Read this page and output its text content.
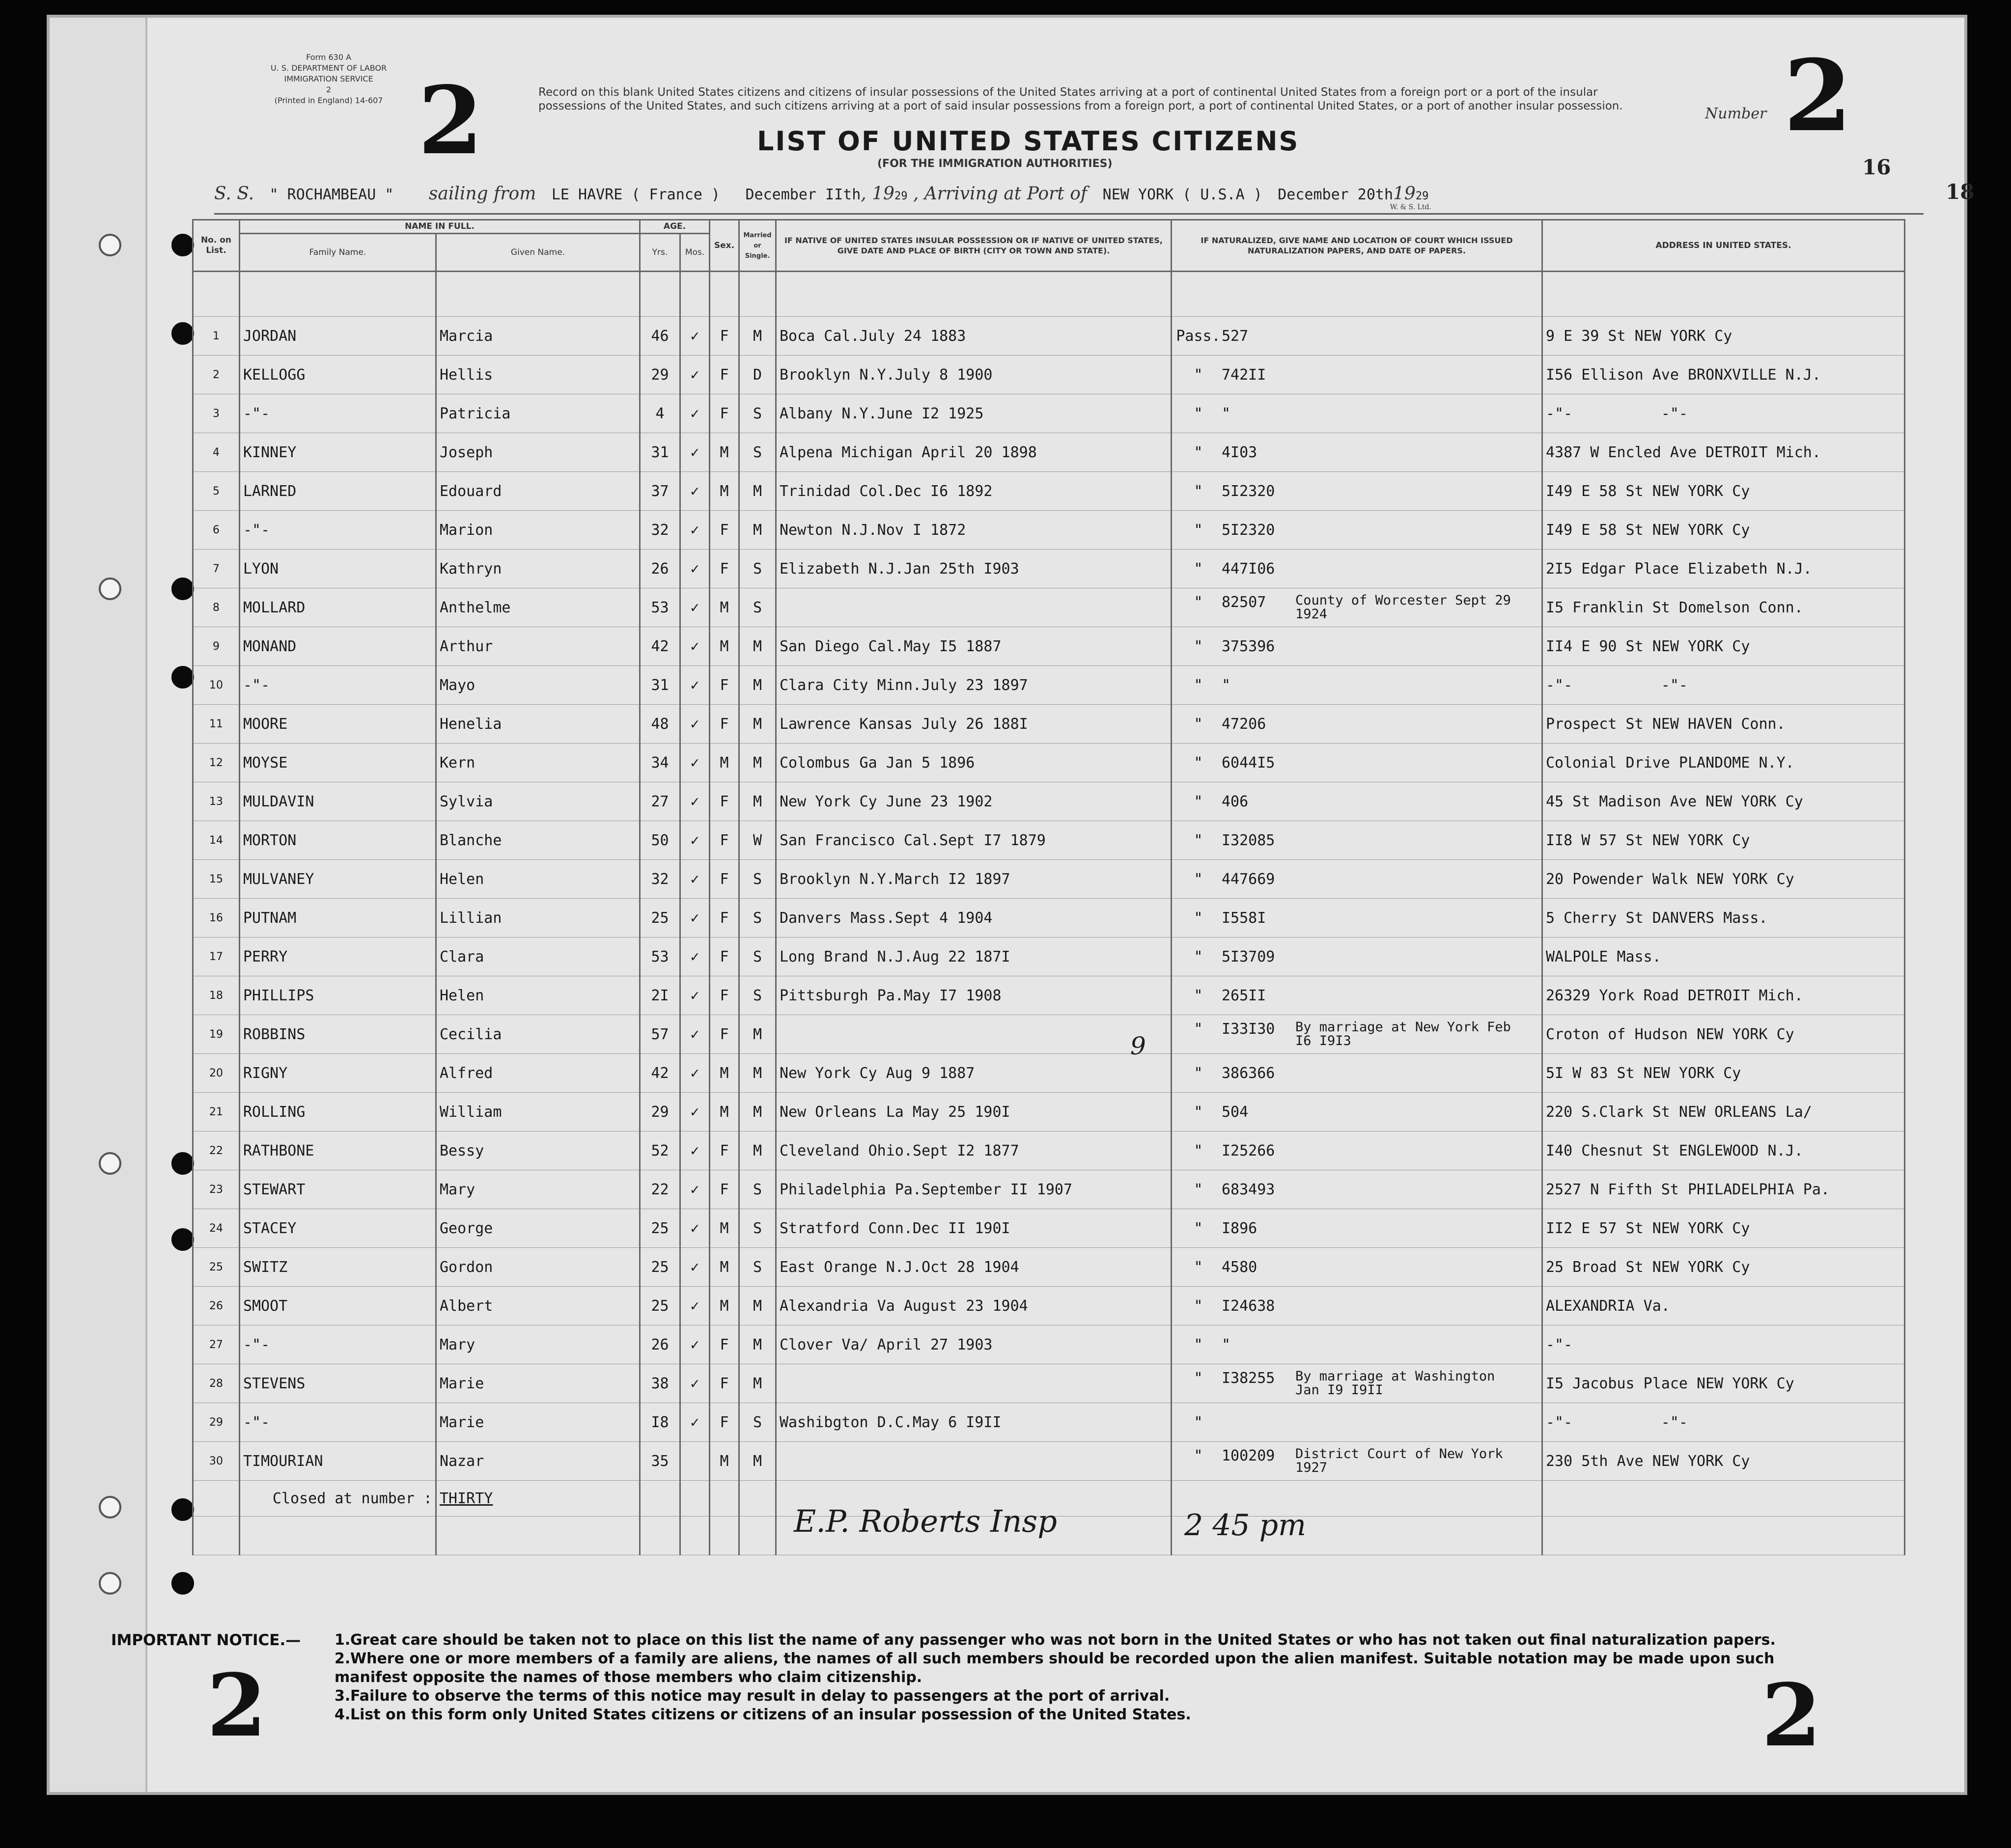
Form 630 A
U. S. DEPARTMENT OF LABOR
IMMIGRATION SERVICE
2
(Printed in England) 14-607 2	Record on this blank United States citizens and citizens of insular possessions of the United States arriving at a port of continental United States from a foreign port or a port of the insular possessions of the United States, and such citizens arriving at a port of said insular possessions from a foreign port, a port of continental United States, or a port of another insular possession.
LIST OF UNITED STATES CITIZENS
(FOR THE IMMIGRATION AUTHORITIES)
Number 2
16
18
S. S. " ROCHAMBEAU " sailing from LE HAVRE ( France ) December IIth, 1929 , Arriving at Port of NEW YORK ( U.S.A ) December 20th1929 $_{W. \& S. Ltd.}$
No. on List.	NAME IN FULL.		AGE.		Sex.	Married or Single.	IF NATIVE OF UNITED STATES INSULAR POSSESSION OR IF NATIVE OF UNITED STATES, GIVE DATE AND PLACE OF BIRTH (CITY OR TOWN AND STATE).	IF NATURALIZED, GIVE NAME AND LOCATION OF COURT WHICH ISSUED NATURALIZATION PAPERS, AND DATE OF PAPERS.	ADDRESS IN UNITED STATES.
	Family Name.	Given Name.	Yrs.	Mos.					

1	JORDAN	Marcia	46	✓	F	M	Boca Cal.July 24 1883	Pass.527	9 E 39 St NEW YORK Cy
2	KELLOGG	Hellis	29	✓	F	D	Brooklyn N.Y.July 8 1900	" 742II	I56 Ellison Ave BRONXVILLE N.J.
3	-"-	Patricia	4	✓	F	S	Albany N.Y.June I2 1925	" "	-"-          -"-
4	KINNEY	Joseph	31	✓	M	S	Alpena Michigan April 20 1898	" 4I03	4387 W Encled Ave DETROIT Mich.
5	LARNED	Edouard	37	✓	M	M	Trinidad Col.Dec I6 1892	" 5I2320	I49 E 58 St NEW YORK Cy
6	-"-	Marion	32	✓	F	M	Newton N.J.Nov I 1872	" 5I2320	I49 E 58 St NEW YORK Cy
7	LYON	Kathryn	26	✓	F	S	Elizabeth N.J.Jan 25th I903	" 447I06	2I5 Edgar Place Elizabeth N.J.
8	MOLLARD	Anthelme	53	✓	M	S		" 82507 County of Worcester Sept 29 1924	I5 Franklin St Domelson Conn.
9	MONAND	Arthur	42	✓	M	M	San Diego Cal.May I5 1887	" 375396	II4 E 90 St NEW YORK Cy
10	-"-	Mayo	31	✓	F	M	Clara City Minn.July 23 1897	" "	-"-          -"-
11	MOORE	Henelia	48	✓	F	M	Lawrence Kansas July 26 188I	" 47206	Prospect St NEW HAVEN Conn.
12	MOYSE	Kern	34	✓	M	M	Colombus Ga Jan 5 1896	" 6044I5	Colonial Drive PLANDOME N.Y.
13	MULDAVIN	Sylvia	27	✓	F	M	New York Cy June 23 1902	" 406	45 St Madison Ave NEW YORK Cy
14	MORTON	Blanche	50	✓	F	W	San Francisco Cal.Sept I7 1879	" I32085	II8 W 57 St NEW YORK Cy
15	MULVANEY	Helen	32	✓	F	S	Brooklyn N.Y.March I2 1897	" 447669	20 Powender Walk NEW YORK Cy
16	PUTNAM	Lillian	25	✓	F	S	Danvers Mass.Sept 4 1904	" I558I	5 Cherry St DANVERS Mass.
17	PERRY	Clara	53	✓	F	S	Long Brand N.J.Aug 22 187I	" 5I3709	WALPOLE Mass.
18	PHILLIPS	Helen	2I	✓	F	S	Pittsburgh Pa.May I7 1908	" 265II	26329 York Road DETROIT Mich.
19	ROBBINS	Cecilia	57	✓	F	M		" I33I30 By marriage at New York Feb I6 I9I3	Croton of Hudson NEW YORK Cy
20	RIGNY	Alfred	42	✓	M	M	New York Cy Aug 9 1887	" 386366	5I W 83 St NEW YORK Cy
21	ROLLING	William	29	✓	M	M	New Orleans La May 25 190I	" 504	220 S.Clark St NEW ORLEANS La/
22	RATHBONE	Bessy	52	✓	F	M	Cleveland Ohio.Sept I2 1877	" I25266	I40 Chesnut St ENGLEWOOD N.J.
23	STEWART	Mary	22	✓	F	S	Philadelphia Pa.September II 1907	" 683493	2527 N Fifth St PHILADELPHIA Pa.
24	STACEY	George	25	✓	M	S	Stratford Conn.Dec II 190I	" I896	II2 E 57 St NEW YORK Cy
25	SWITZ	Gordon	25	✓	M	S	East Orange N.J.Oct 28 1904	" 4580	25 Broad St NEW YORK Cy
26	SMOOT	Albert	25	✓	M	M	Alexandria Va August 23 1904	" I24638	ALEXANDRIA Va.
27	-"-	Mary	26	✓	F	M	Clover Va/ April 27 1903	" "	-"-
28	STEVENS	Marie	38	✓	F	M		" I38255 By marriage at Washington Jan I9 I9II	I5 Jacobus Place NEW YORK Cy
29	-"-	Marie	I8	✓	F	S	Washibgton D.C.May 6 I9II	"	-"-          -"-
30	TIMOURIAN	Nazar	35		M	M		" 100209 District Court of New York 1927	230 5th Ave NEW YORK Cy
	Closed at number :	THIRTY							

E.P. Roberts Insp	2 45 pm
9
IMPORTANT NOTICE.— 1.Great care should be taken not to place on this list the name of any passenger who was not born in the United States or who has not taken out final naturalization papers.
2.Where one or more members of a family are aliens, the names of all such members should be recorded upon the alien manifest. Suitable notation may be made upon such manifest opposite the names of those members who claim citizenship.
3.Failure to observe the terms of this notice may result in delay to passengers at the port of arrival.
4.List on this form only United States citizens or citizens of an insular possession of the United States.
2	2
